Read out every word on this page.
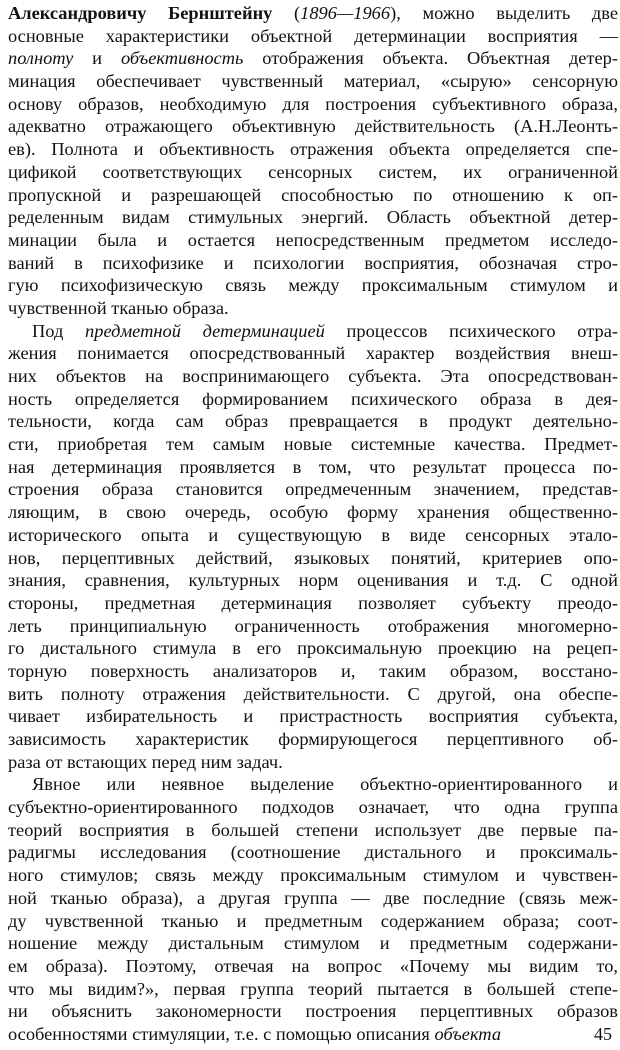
Александровичу Бернштейну (1896—1966), можно выделить две
основные характеристики объектной детерминации восприятия —
полноту и объективность отображения объекта. Объектная детер-
минация обеспечивает чувственный материал, «сырую» сенсорную
основу образов, необходимую для построения субъективного образа,
адекватно отражающего объективную действительность (А.Н.Леонть-
ев). Полнота и объективность отражения объекта определяется спе-
цификой соответствующих сенсорных систем, их ограниченной
пропускной и разрешающей способностью по отношению к оп-
ределенным видам стимульных энергий. Область объектной детер-
минации была и остается непосредственным предметом исследо-
ваний в психофизике и психологии восприятия, обозначая стро-
гую психофизическую связь между проксимальным стимулом и
чувственной тканью образа.
Под предметной детерминацией процессов психического отра-
жения понимается опосредствованный характер воздействия внеш-
них объектов на воспринимающего субъекта. Эта опосредствован-
ность определяется формированием психического образа в дея-
тельности, когда сам образ превращается в продукт деятельно-
сти, приобретая тем самым новые системные качества. Предмет-
ная детерминация проявляется в том, что результат процесса по-
строения образа становится опредмеченным значением, представ-
ляющим, в свою очередь, особую форму хранения общественно-
исторического опыта и существующую в виде сенсорных этало-
нов, перцептивных действий, языковых понятий, критериев опо-
знания, сравнения, культурных норм оценивания и т.д. С одной
стороны, предметная детерминация позволяет субъекту преодо-
леть принципиальную ограниченность отображения многомерно-
го дистального стимула в его проксимальную проекцию на рецеп-
торную поверхность анализаторов и, таким образом, восстано-
вить полноту отражения действительности. С другой, она обеспе-
чивает избирательность и пристрастность восприятия субъекта,
зависимость характеристик формирующегося перцептивного об-
раза от встающих перед ним задач.
Явное или неявное выделение объектно-ориентированного и
субъектно-ориентированного подходов означает, что одна группа
теорий восприятия в большей степени использует две первые па-
радигмы исследования (соотношение дистального и проксималь-
ного стимулов; связь между проксимальным стимулом и чувствен-
ной тканью образа), а другая группа — две последние (связь меж-
ду чувственной тканью и предметным содержанием образа; соот-
ношение между дистальным стимулом и предметным содержани-
ем образа). Поэтому, отвечая на вопрос «Почему мы видим то,
что мы видим?», первая группа теорий пытается в большей степе-
ни объяснить закономерности построения перцептивных образов
особенностями стимуляции, т.е. с помощью описания объекта	45
